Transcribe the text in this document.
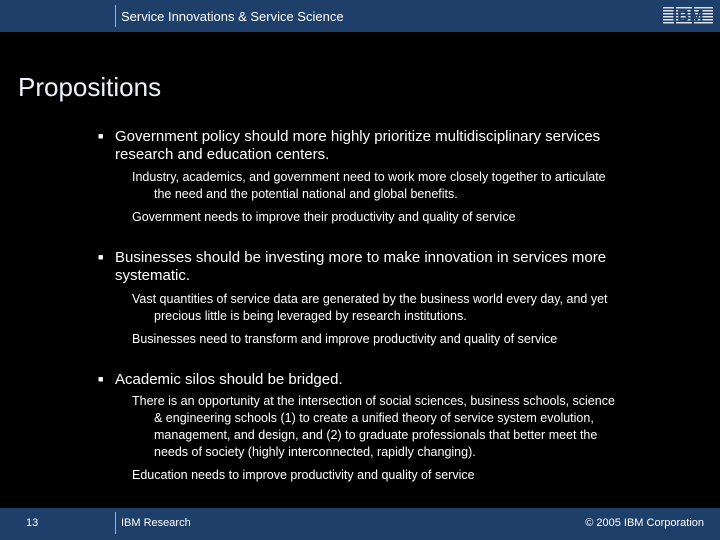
Service Innovations & Service Science	IBM
Propositions
■ Government policy should more highly prioritize multidisciplinary services
research and education centers.
Industry, academics, and government need to work more closely together to articulate
the need and the potential national and global benefits.
Government needs to improve their productivity and quality of service
■ Businesses should be investing more to make innovation in services more
systematic.
Vast quantities of service data are generated by the business world every day, and yet
precious little is being leveraged by research institutions.
Businesses need to transform and improve productivity and quality of service
■ Academic silos should be bridged.
There is an opportunity at the intersection of social sciences, business schools, science
& engineering schools (1) to create a unified theory of service system evolution,
management, and design, and (2) to graduate professionals that better meet the
needs of society (highly interconnected, rapidly changing).
Education needs to improve productivity and quality of service
13	IBM Research	© 2005 IBM Corporation
